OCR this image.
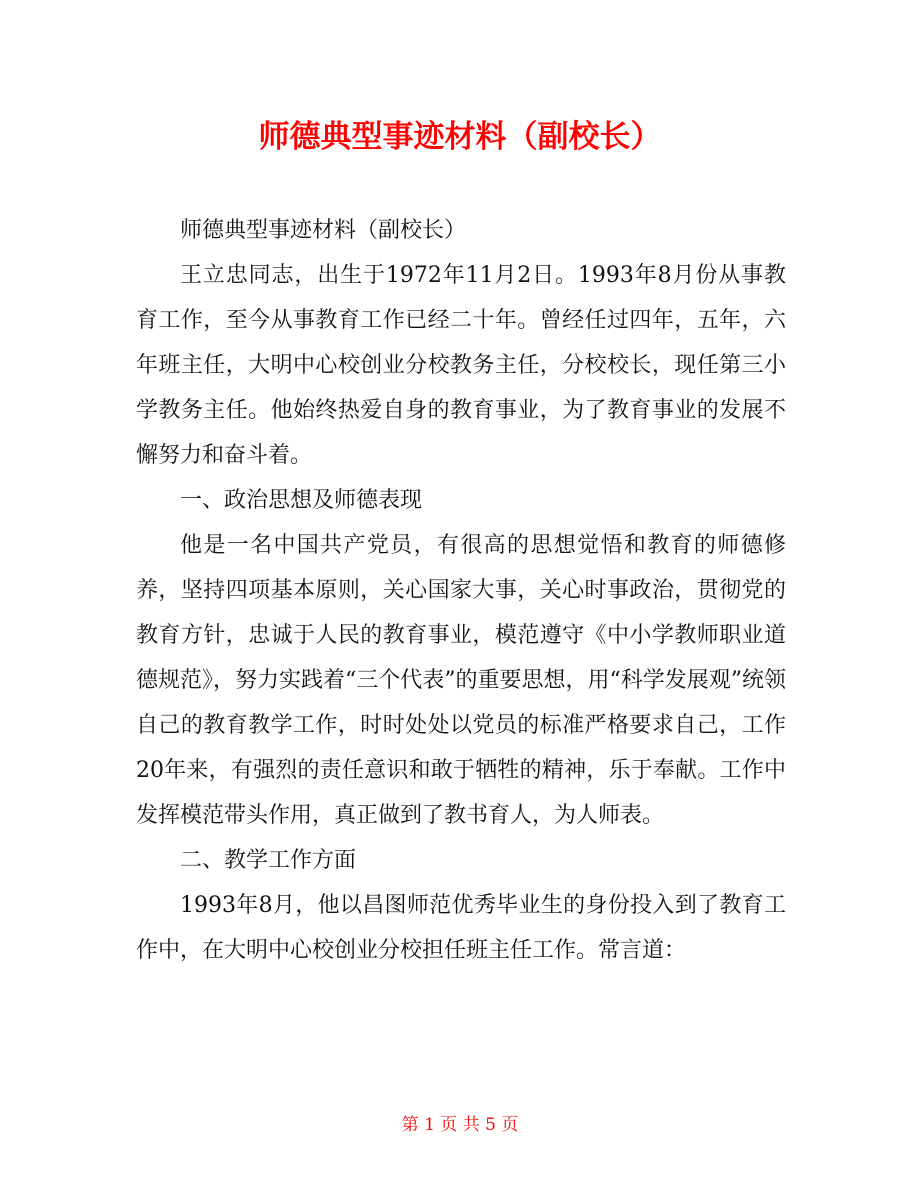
师德典型事迹材料（副校长）

师德典型事迹材料（副校长）

王立忠同志，出生于1972年11月2日。1993年8月份从事教育工作，至今从事教育工作已经二十年。曾经任过四年，五年，六年班主任，大明中心校创业分校教务主任，分校校长，现任第三小学教务主任。他始终热爱自身的教育事业，为了教育事业的发展不懈努力和奋斗着。

一、政治思想及师德表现

他是一名中国共产党员，有很高的思想觉悟和教育的师德修养，坚持四项基本原则，关心国家大事，关心时事政治，贯彻党的教育方针，忠诚于人民的教育事业，模范遵守《中小学教师职业道德规范》，努力实践着“三个代表”的重要思想，用“科学发展观”统领自己的教育教学工作，时时处处以党员的标准严格要求自己，工作20年来，有强烈的责任意识和敢于牺牲的精神，乐于奉献。工作中发挥模范带头作用，真正做到了教书育人，为人师表。

二、教学工作方面

1993年8月，他以昌图师范优秀毕业生的身份投入到了教育工作中，在大明中心校创业分校担任班主任工作。常言道：

第 1 页 共 5 页
